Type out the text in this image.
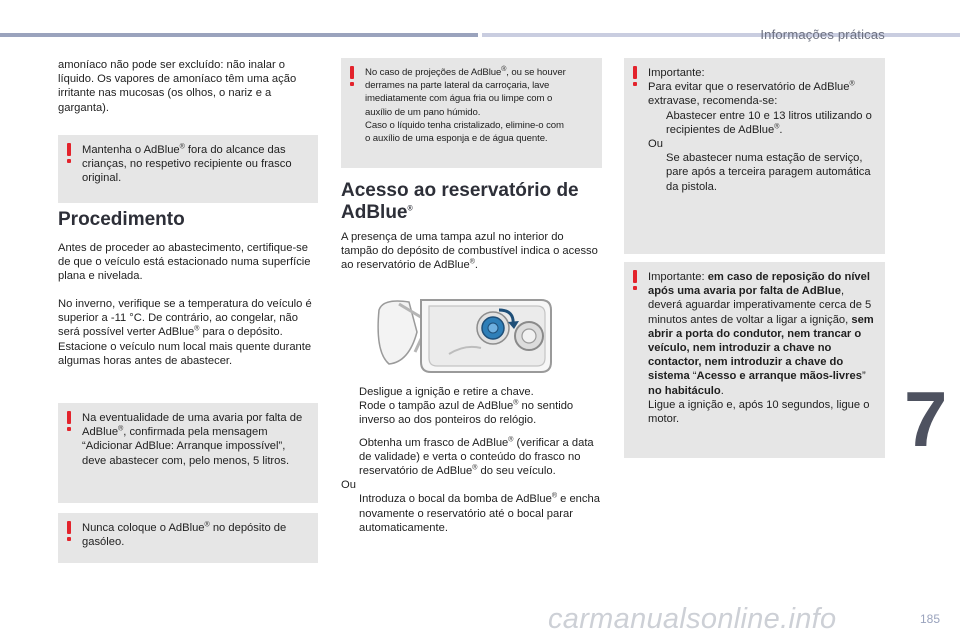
Informações práticas

amoníaco não pode ser excluído: não inalar o líquido. Os vapores de amoníaco têm uma ação irritante nas mucosas (os olhos, o nariz e a garganta).

Mantenha o AdBlue® fora do alcance das crianças, no respetivo recipiente ou frasco original.

Procedimento

Antes de proceder ao abastecimento, certifique-se de que o veículo está estacionado numa superfície plana e nivelada.

No inverno, verifique se a temperatura do veículo é superior a -11 °C. De contrário, ao congelar, não será possível verter AdBlue® para o depósito. Estacione o veículo num local mais quente durante algumas horas antes de abastecer.

Na eventualidade de uma avaria por falta de AdBlue®, confirmada pela mensagem “Adicionar AdBlue: Arranque impossível”, deve abastecer com, pelo menos, 5 litros.

Nunca coloque o AdBlue® no depósito de gasóleo.

No caso de projeções de AdBlue®, ou se houver
derrames na parte lateral da carroçaria, lave
imediatamente com água fria ou limpe com o
auxílio de um pano húmido.
Caso o líquido tenha cristalizado, elimine-o com
o auxílio de uma esponja e de água quente.
Acesso ao reservatório de AdBlue®

A presença de uma tampa azul no interior do tampão do depósito de combustível indica o acesso ao reservatório de AdBlue®.

Desligue a ignição e retire a chave.
Rode o tampão azul de AdBlue® no sentido inverso ao dos ponteiros do relógio.
Obtenha um frasco de AdBlue® (verificar a data de validade) e verta o conteúdo do frasco no reservatório de AdBlue® do seu veículo.
Ou
Introduza o bocal da bomba de AdBlue® e encha novamente o reservatório até o bocal parar automaticamente.
Importante:
Para evitar que o reservatório de AdBlue® extravase, recomenda-se:
Abastecer entre 10 e 13 litros utilizando o recipientes de AdBlue®.
Ou
Se abastecer numa estação de serviço, pare após a terceira paragem automática da pistola.
Importante: em caso de reposição do nível após uma avaria por falta de AdBlue, deverá aguardar imperativamente cerca de 5 minutos antes de voltar a ligar a ignição, sem abrir a porta do condutor, nem trancar o veículo, nem introduzir a chave no contactor, nem introduzir a chave do sistema “Acesso e arranque mãos-livres” no habitáculo.
Ligue a ignição e, após 10 segundos, ligue o motor.	7
carmanualsonline.info	185
